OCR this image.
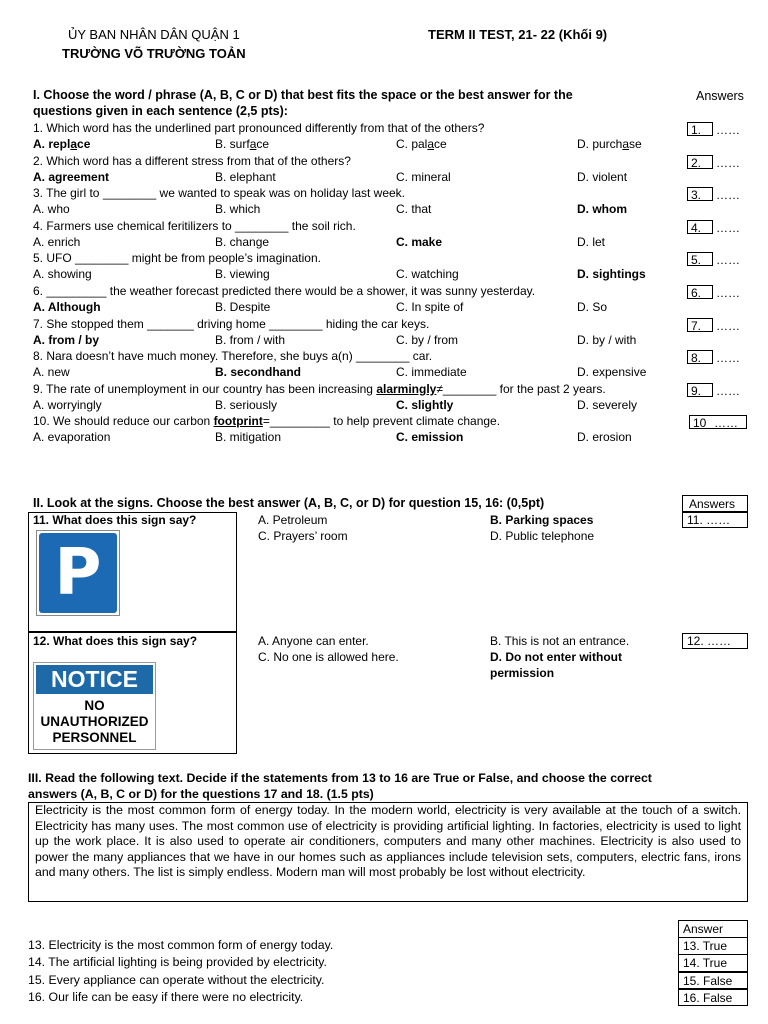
ỦY BAN NHÂN DÂN QUẬN 1
TRƯỜNG VÕ TRƯỜNG TOẢN
TERM II TEST, 21- 22 (Khối 9)
I. Choose the word / phrase (A, B, C or D) that best fits the space or the best answer for the
questions given in each sentence (2,5 pts):
Answers
1. Which word has the underlined part pronounced differently from that of the others?
A. replace	B. surface	C. palace	D. purchase
1. ……
2. Which word has a different stress from that of the others?
A. agreement	B. elephant	C. mineral	D. violent
2. ……
3. The girl to ________ we wanted to speak was on holiday last week.
A. who	B. which	C. that	D. whom
3. ……
4. Farmers use chemical feritilizers to ________ the soil rich.
A. enrich	B. change	C. make	D. let
4. ……
5. UFO ________ might be from people’s imagination.
A. showing	B. viewing	C. watching	D. sightings
5. ……
6. _________ the weather forecast predicted there would be a shower, it was sunny yesterday.
A. Although	B. Despite	C. In spite of	D. So
6. ……
7. She stopped them _______ driving home ________ hiding the car keys.
A. from / by	B. from / with	C. by / from	D. by / with
7. ……
8. Nara doesn’t have much money. Therefore, she buys a(n) ________ car.
A. new	B. secondhand	C. immediate	D. expensive
8. ……
9. The rate of unemployment in our country has been increasing alarmingly≠________ for the past 2 years.
A. worryingly	B. seriously	C. slightly	D. severely
9. ……
10. We should reduce our carbon footprint=_________ to help prevent climate change.
A. evaporation	B. mitigation	C. emission	D. erosion
10 ……
II. Look at the signs. Choose the best answer (A, B, C, or D) for question 15, 16: (0,5pt)	Answers
11. What does this sign say?
P
A. Petroleum	B. Parking spaces
C. Prayers’ room	D. Public telephone
11. ……
12. What does this sign say?
NOTICE
NO
UNAUTHORIZED
PERSONNEL
A. Anyone can enter.	B. This is not an entrance.
C. No one is allowed here.	D. Do not enter without
permission
12. ……
III. Read the following text. Decide if the statements from 13 to 16 are True or False, and choose the correct
answers (A, B, C or D) for the questions 17 and 18. (1.5 pts)
Electricity is the most common form of energy today. In the modern world, electricity is very available at the touch of a switch. Electricity has many uses. The most common use of electricity is providing artificial lighting. In factories, electricity is used to light up the work place. It is also used to operate air conditioners, computers and many other machines. Electricity is also used to power the many appliances that we have in our homes such as appliances include television sets, computers, electric fans, irons and many others. The list is simply endless. Modern man will most probably be lost without electricity.
Answer
13. Electricity is the most common form of energy today.	13. True
14. The artificial lighting is being provided by electricity.	14. True
15. Every appliance can operate without the electricity.	15. False
16. Our life can be easy if there were no electricity.	16. False
